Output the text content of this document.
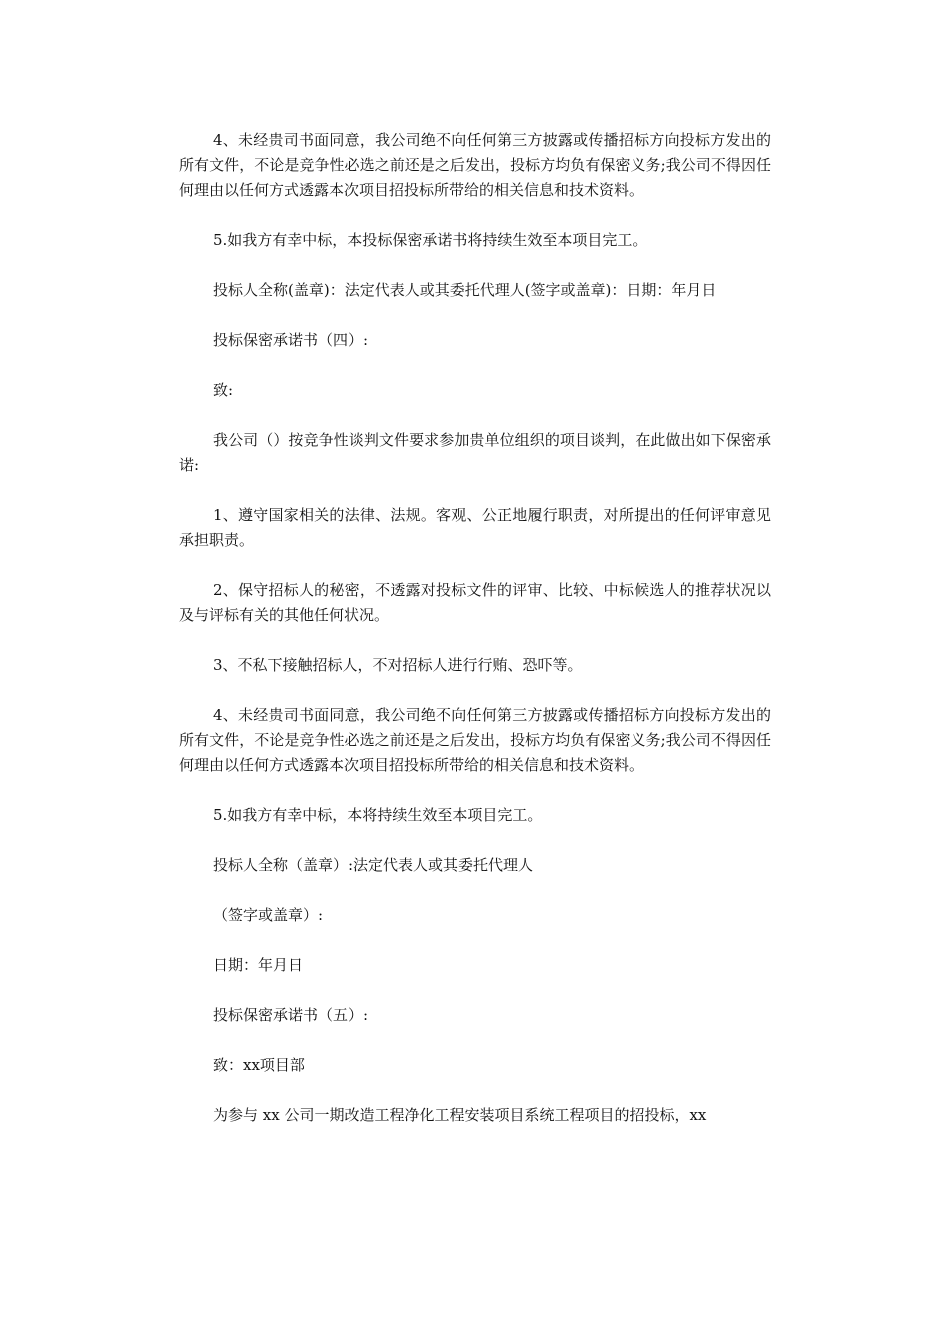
4、未经贵司书面同意，我公司绝不向任何第三方披露或传播招标方向投标方发出的所有文件，不论是竞争性必选之前还是之后发出，投标方均负有保密义务;我公司不得因任何理由以任何方式透露本次项目招投标所带给的相关信息和技术资料。

5.如我方有幸中标，本投标保密承诺书将持续生效至本项目完工。

投标人全称(盖章)：法定代表人或其委托代理人(签字或盖章)：日期：年月日

投标保密承诺书（四）:

致:

我公司（）按竞争性谈判文件要求参加贵单位组织的项目谈判，在此做出如下保密承诺:

1、遵守国家相关的法律、法规。客观、公正地履行职责，对所提出的任何评审意见承担职责。

2、保守招标人的秘密，不透露对投标文件的评审、比较、中标候选人的推荐状况以及与评标有关的其他任何状况。

3、不私下接触招标人，不对招标人进行行贿、恐吓等。

4、未经贵司书面同意，我公司绝不向任何第三方披露或传播招标方向投标方发出的所有文件，不论是竞争性必选之前还是之后发出，投标方均负有保密义务;我公司不得因任何理由以任何方式透露本次项目招投标所带给的相关信息和技术资料。

5.如我方有幸中标，本将持续生效至本项目完工。

投标人全称（盖章）:法定代表人或其委托代理人

（签字或盖章）:

日期：年月日

投标保密承诺书（五）:

致：xx项目部

为参与 xx 公司一期改造工程净化工程安装项目系统工程项目的招投标，xx
